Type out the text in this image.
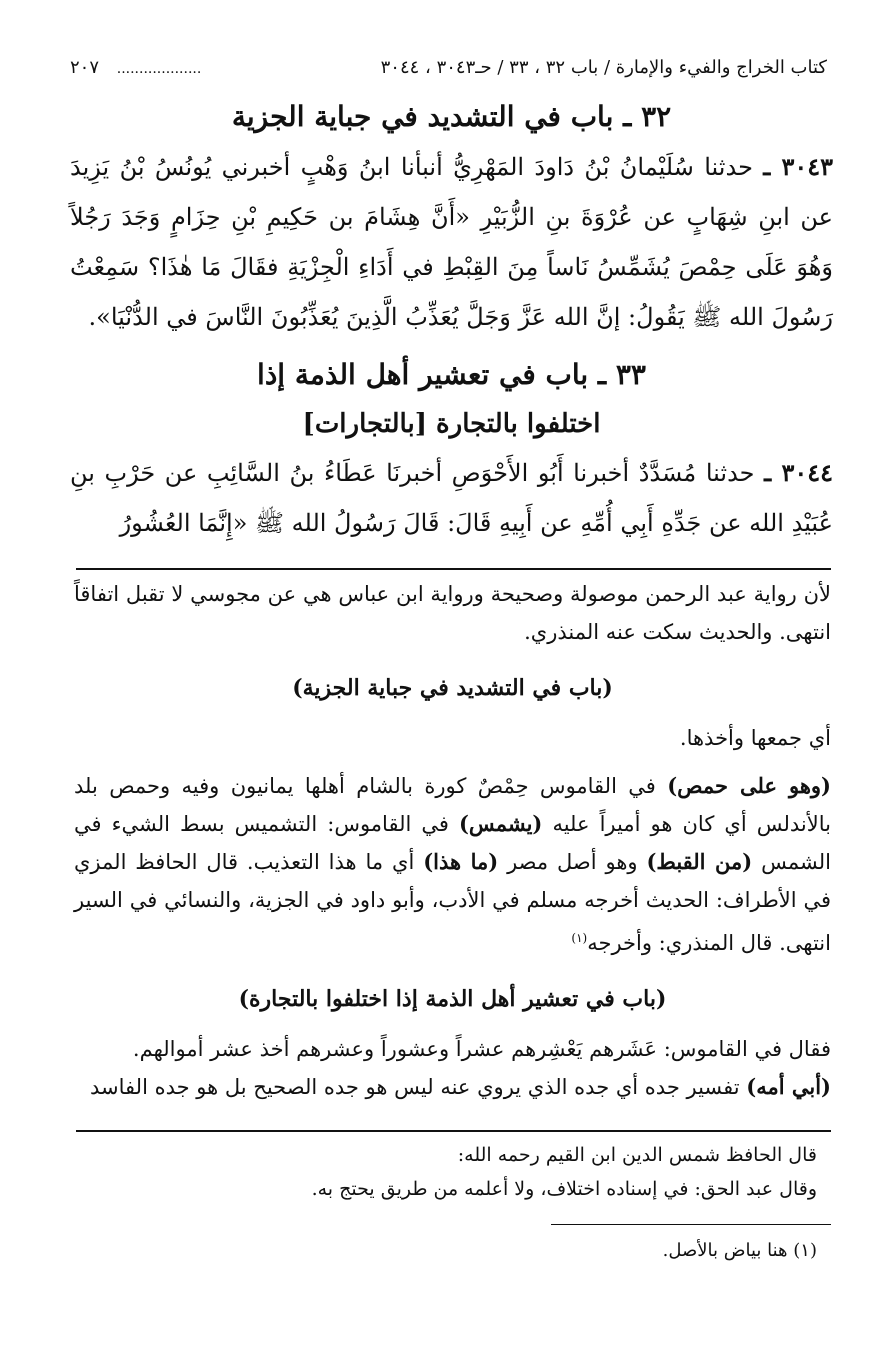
كتاب الخراج والفيء والإمارة / باب ٣٢ ، ٣٣ / حـ٣٠٤٣ ، ٣٠٤٤
................... ٢٠٧
٣٢ ـ باب في التشديد في جباية الجزية

٣٠٤٣ ـ حدثنا سُلَيْمانُ بْنُ دَاودَ المَهْرِيُّ أنبأنا ابنُ وَهْبٍ أخبرني يُونُسُ بْنُ يَزِيدَ عن ابنِ شِهَابٍ عن عُرْوَةَ بنِ الزُّبَيْرِ «أَنَّ هِشَامَ بن حَكِيمِ بْنِ حِزَامٍ وَجَدَ رَجُلاً وَهُوَ عَلَى حِمْصَ يُشَمِّسُ نَاساً مِنَ القِبْطِ في أَدَاءِ الْجِزْيَةِ فقَالَ مَا هٰذَا؟ سَمِعْتُ رَسُولَ الله ﷺ يَقُولُ: إنَّ الله عَزَّ وَجَلَّ يُعَذِّبُ الَّذِينَ يُعَذِّبُونَ النَّاسَ في الدُّنْيَا».

٣٣ ـ باب في تعشير أهل الذمة إذا
اختلفوا بالتجارة [بالتجارات]

٣٠٤٤ ـ حدثنا مُسَدَّدٌ أخبرنا أَبُو الأَحْوَصِ أخبرنَا عَطَاءُ بنُ السَّائِبِ عن حَرْبِ بنِ عُبَيْدِ الله عن جَدِّهِ أَبِي أُمِّهِ عن أَبِيهِ قَالَ: قَالَ رَسُولُ الله ﷺ «إِنَّمَا العُشُورُ

لأن رواية عبد الرحمن موصولة وصحيحة ورواية ابن عباس هي عن مجوسي لا تقبل اتفاقاً انتهى. والحديث سكت عنه المنذري.

(باب في التشديد في جباية الجزية)

أي جمعها وأخذها.

(وهو على حمص) في القاموس حِمْصٌ كورة بالشام أهلها يمانيون وفيه وحمص بلد بالأندلس أي كان هو أميراً عليه (يشمس) في القاموس: التشميس بسط الشيء في الشمس (من القبط) وهو أصل مصر (ما هذا) أي ما هذا التعذيب. قال الحافظ المزي في الأطراف: الحديث أخرجه مسلم في الأدب، وأبو داود في الجزية، والنسائي في السير انتهى. قال المنذري: وأخرجه$^{(١)}$

(باب في تعشير أهل الذمة إذا اختلفوا بالتجارة)

فقال في القاموس: عَشَرهم يَعْشِرهم عشراً وعشوراً وعشرهم أخذ عشر أموالهم.

(أبي أمه) تفسير جده أي جده الذي يروي عنه ليس هو جده الصحيح بل هو جده الفاسد

قال الحافظ شمس الدين ابن القيم رحمه الله:

وقال عبد الحق: في إسناده اختلاف، ولا أعلمه من طريق يحتج به.

(١) هنا بياض بالأصل.
